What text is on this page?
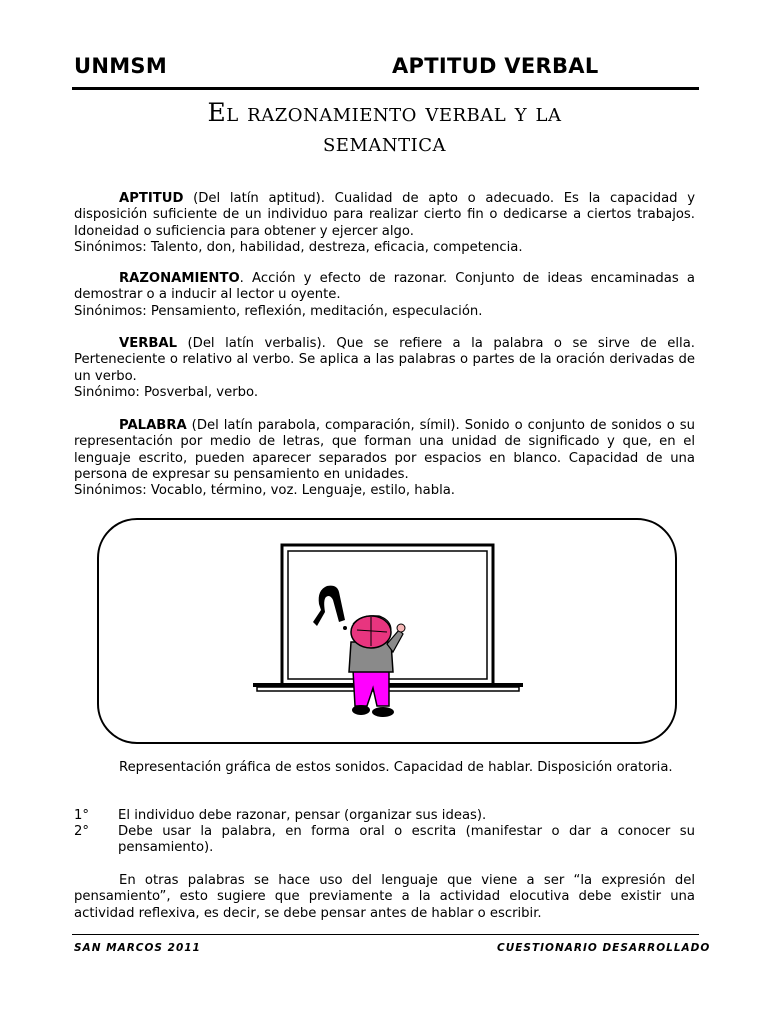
UNMSM	APTITUD VERBAL
El razonamiento verbal y la
semantica

APTITUD (Del latín aptitud). Cualidad de apto o adecuado. Es la capacidad y disposición suficiente de un individuo para realizar cierto fin o dedicarse a ciertos trabajos. Idoneidad o suficiencia para obtener y ejercer algo.

Sinónimos: Talento, don, habilidad, destreza, eficacia, competencia.

RAZONAMIENTO. Acción y efecto de razonar. Conjunto de ideas encaminadas a demostrar o a inducir al lector u oyente.

Sinónimos: Pensamiento, reflexión, meditación, especulación.

VERBAL (Del latín verbalis). Que se refiere a la palabra o se sirve de ella. Perteneciente o relativo al verbo. Se aplica a las palabras o partes de la oración derivadas de un verbo.

Sinónimo: Posverbal, verbo.

PALABRA (Del latín parabola, comparación, símil). Sonido o conjunto de sonidos o su representación por medio de letras, que forman una unidad de significado y que, en el lenguaje escrito, pueden aparecer separados por espacios en blanco. Capacidad de una persona de expresar su pensamiento en unidades.

Sinónimos: Vocablo, término, voz. Lenguaje, estilo, habla.

Representación gráfica de estos sonidos. Capacidad de hablar. Disposición oratoria.

1° El individuo debe razonar, pensar (organizar sus ideas).
2° Debe usar la palabra, en forma oral o escrita (manifestar o dar a conocer su pensamiento).

En otras palabras se hace uso del lenguaje que viene a ser “la expresión del pensamiento”, esto sugiere que previamente a la actividad elocutiva debe existir una actividad reflexiva, es decir, se debe pensar antes de hablar o escribir.

SAN MARCOS 2011	CUESTIONARIO DESARROLLADO
